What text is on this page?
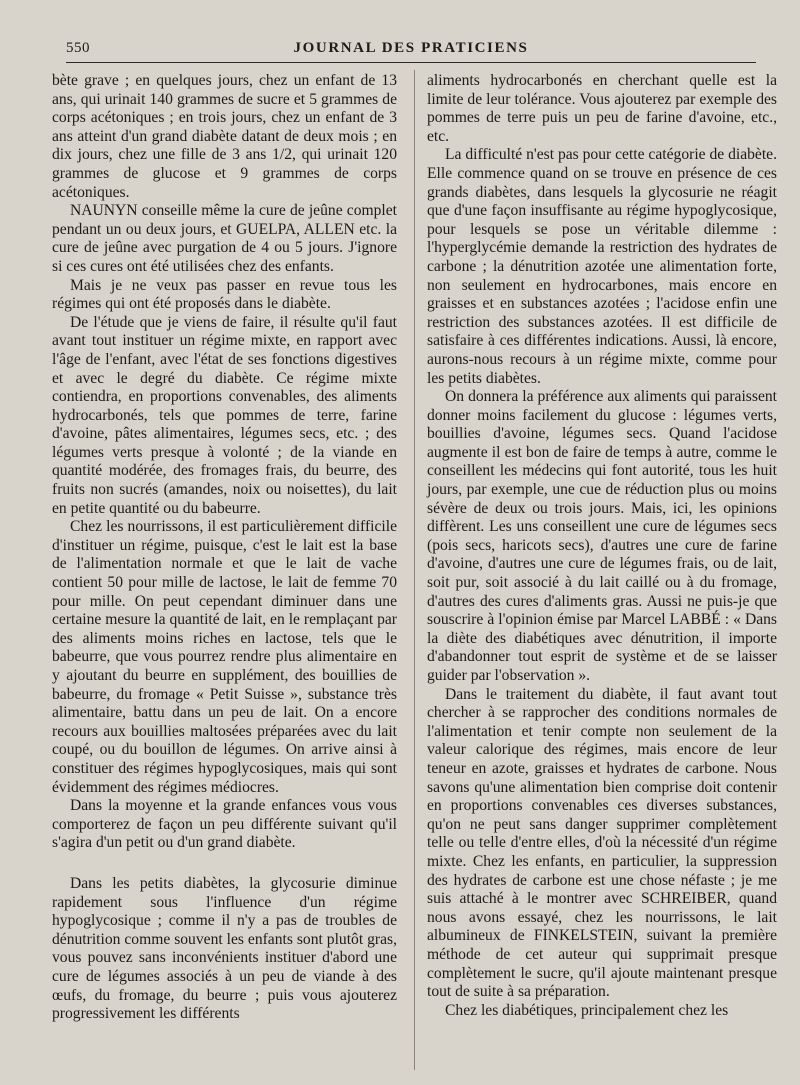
550	JOURNAL DES PRATICIENS

bète grave ; en quelques jours, chez un enfant de 13 ans, qui urinait 140 grammes de sucre et 5 grammes de corps acétoniques ; en trois jours, chez un enfant de 3 ans atteint d'un grand diabète datant de deux mois ; en dix jours, chez une fille de 3 ans 1/2, qui urinait 120 grammes de glucose et 9 grammes de corps acétoniques.

NAUNYN conseille même la cure de jeûne complet pendant un ou deux jours, et GUELPA, ALLEN etc. la cure de jeûne avec purgation de 4 ou 5 jours. J'ignore si ces cures ont été utilisées chez des enfants.

Mais je ne veux pas passer en revue tous les régimes qui ont été proposés dans le diabète.

De l'étude que je viens de faire, il résulte qu'il faut avant tout instituer un régime mixte, en rapport avec l'âge de l'enfant, avec l'état de ses fonctions digestives et avec le degré du diabète. Ce régime mixte contiendra, en proportions convenables, des aliments hydrocarbonés, tels que pommes de terre, farine d'avoine, pâtes alimentaires, légumes secs, etc. ; des légumes verts presque à volonté ; de la viande en quantité modérée, des fromages frais, du beurre, des fruits non sucrés (amandes, noix ou noisettes), du lait en petite quantité ou du babeurre.

Chez les nourrissons, il est particulièrement difficile d'instituer un régime, puisque, c'est le lait est la base de l'alimentation normale et que le lait de vache contient 50 pour mille de lactose, le lait de femme 70 pour mille. On peut cependant diminuer dans une certaine mesure la quantité de lait, en le remplaçant par des aliments moins riches en lactose, tels que le babeurre, que vous pourrez rendre plus alimentaire en y ajoutant du beurre en supplément, des bouillies de babeurre, du fromage « Petit Suisse », substance très alimentaire, battu dans un peu de lait. On a encore recours aux bouillies maltosées préparées avec du lait coupé, ou du bouillon de légumes. On arrive ainsi à constituer des régimes hypoglycosiques, mais qui sont évidemment des régimes médiocres.

Dans la moyenne et la grande enfances vous vous comporterez de façon un peu différente suivant qu'il s'agira d'un petit ou d'un grand diabète.

Dans les petits diabètes, la glycosurie diminue rapidement sous l'influence d'un régime hypoglycosique ; comme il n'y a pas de troubles de dénutrition comme souvent les enfants sont plutôt gras, vous pouvez sans inconvénients instituer d'abord une cure de légumes associés à un peu de viande à des œufs, du fromage, du beurre ; puis vous ajouterez progressivement les différents

aliments hydrocarbonés en cherchant quelle est la limite de leur tolérance. Vous ajouterez par exemple des pommes de terre puis un peu de farine d'avoine, etc., etc.

La difficulté n'est pas pour cette catégorie de diabète. Elle commence quand on se trouve en présence de ces grands diabètes, dans lesquels la glycosurie ne réagit que d'une façon insuffisante au régime hypoglycosique, pour lesquels se pose un véritable dilemme : l'hyperglycémie demande la restriction des hydrates de carbone ; la dénutrition azotée une alimentation forte, non seulement en hydrocarbones, mais encore en graisses et en substances azotées ; l'acidose enfin une restriction des substances azotées. Il est difficile de satisfaire à ces différentes indications. Aussi, là encore, aurons-nous recours à un régime mixte, comme pour les petits diabètes.

On donnera la préférence aux aliments qui paraissent donner moins facilement du glucose : légumes verts, bouillies d'avoine, légumes secs. Quand l'acidose augmente il est bon de faire de temps à autre, comme le conseillent les médecins qui font autorité, tous les huit jours, par exemple, une cue de réduction plus ou moins sévère de deux ou trois jours. Mais, ici, les opinions diffèrent. Les uns conseillent une cure de légumes secs (pois secs, haricots secs), d'autres une cure de farine d'avoine, d'autres une cure de légumes frais, ou de lait, soit pur, soit associé à du lait caillé ou à du fromage, d'autres des cures d'aliments gras. Aussi ne puis-je que souscrire à l'opinion émise par Marcel LABBÉ : « Dans la diète des diabétiques avec dénutrition, il importe d'abandonner tout esprit de système et de se laisser guider par l'observation ».

Dans le traitement du diabète, il faut avant tout chercher à se rapprocher des conditions normales de l'alimentation et tenir compte non seulement de la valeur calorique des régimes, mais encore de leur teneur en azote, graisses et hydrates de carbone. Nous savons qu'une alimentation bien comprise doit contenir en proportions convenables ces diverses substances, qu'on ne peut sans danger supprimer complètement telle ou telle d'entre elles, d'où la nécessité d'un régime mixte. Chez les enfants, en particulier, la suppression des hydrates de carbone est une chose néfaste ; je me suis attaché à le montrer avec SCHREIBER, quand nous avons essayé, chez les nourrissons, le lait albumineux de FINKELSTEIN, suivant la première méthode de cet auteur qui supprimait presque complètement le sucre, qu'il ajoute maintenant presque tout de suite à sa préparation.

Chez les diabétiques, principalement chez les
